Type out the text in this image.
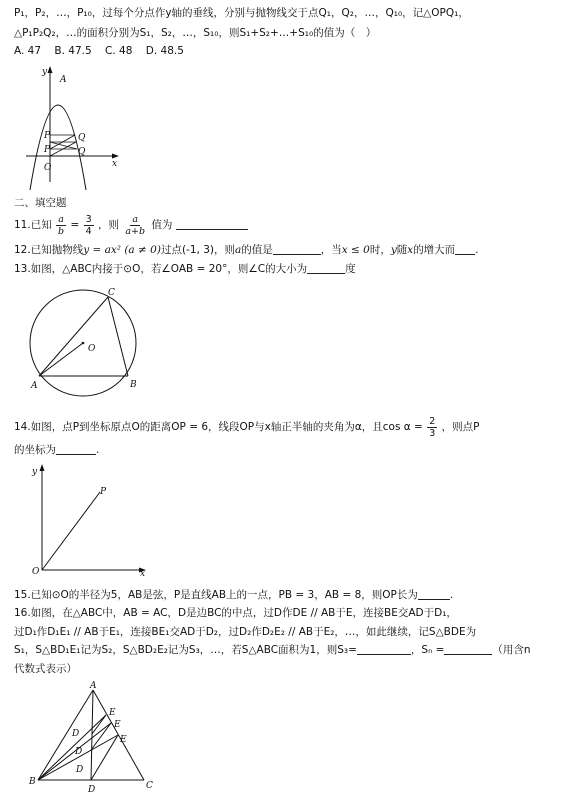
P₁，P₂，…，P₁₀，过每个分点作y轴的垂线，分别与抛物线交于点Q₁，Q₂，…，Q₁₀，记△OPQ₁，
△P₁P₂Q₂，…的面积分别为S₁，S₂，…，S₁₀，则S₁+S₂+…+S₁₀的值为（　）
A. 47 B. 47.5 C. 48 D. 48.5
y
A
P
P
Q
Q
O	x
二、填空题
11.已知 $\frac{a}{b} = \frac{3}{4}$ ，则 $\frac{a}{a+b}$ 值为
12.已知抛物线y = ax² (a ≠ 0)过点(-1, 3)，则a的值是	，当x ≤ 0时，y随x的增大而 .
13.如图，△ABC内接于⊙O，若∠OAB = 20°，则∠C的大小为	度
C
O
A	B
14.如图，点P到坐标原点O的距离OP = 6，线段OP与x轴正半轴的夹角为α，且$\cos \alpha = \frac{2}{3}$ ，则点P
的坐标为	.
y
P
O	x
15.已知⊙O的半径为5，AB是弦，P是直线AB上的一点，PB = 3，AB = 8，则OP长为	.
16.如图，在△ABC中，AB = AC，D是边BC的中点，过D作DE // AB于E，连接BE交AD于D₁，
过D₁作D₁E₁ // AB于E₁，连接BE₁交AD于D₂，过D₂作D₂E₂ // AB于E₂，…，如此继续，记S△BDE为
S₁，S△BD₁E₁记为S₂，S△BD₂E₂记为S₃，…，若S△ABC面积为1，则S₃=	，Sₙ =	（用含n
代数式表示）
A
E
E
E
D
D
D
B
D	C
